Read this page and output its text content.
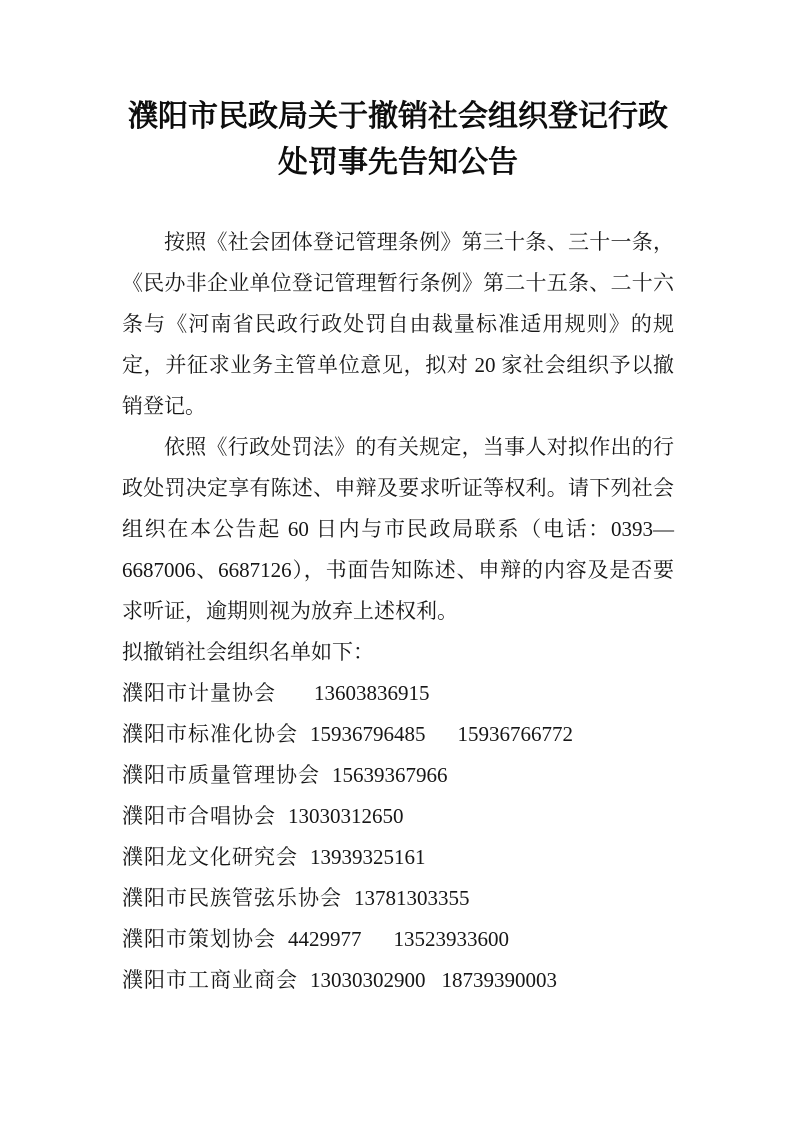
濮阳市民政局关于撤销社会组织登记行政处罚事先告知公告

按照《社会团体登记管理条例》第三十条、三十一条，《民办非企业单位登记管理暂行条例》第二十五条、二十六条与《河南省民政行政处罚自由裁量标准适用规则》的规定，并征求业务主管单位意见，拟对 20 家社会组织予以撤销登记。

依照《行政处罚法》的有关规定，当事人对拟作出的行政处罚决定享有陈述、申辩及要求听证等权利。请下列社会组织在本公告起 60 日内与市民政局联系（电话：0393—6687006、6687126），书面告知陈述、申辩的内容及是否要求听证，逾期则视为放弃上述权利。

拟撤销社会组织名单如下：

濮阳市计量协会 13603836915

濮阳市标准化协会 15936796485 15936766772

濮阳市质量管理协会 15639367966

濮阳市合唱协会 13030312650

濮阳龙文化研究会 13939325161

濮阳市民族管弦乐协会 13781303355

濮阳市策划协会 4429977 13523933600

濮阳市工商业商会 13030302900 18739390003
